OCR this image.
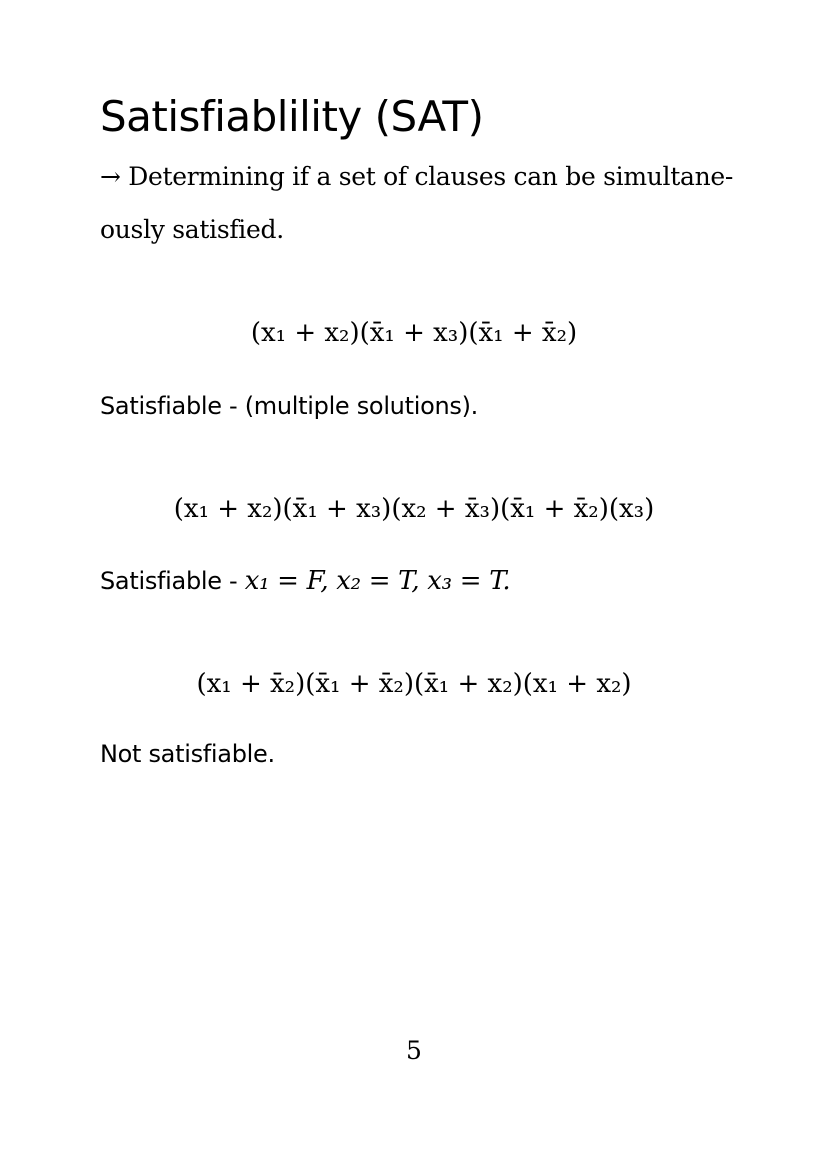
Satisfiablility (SAT)
→ Determining if a set of clauses can be simultane-
ously satisfied.
(x₁ + x₂)(x̄₁ + x₃)(x̄₁ + x̄₂)
Satisfiable - (multiple solutions).
(x₁ + x₂)(x̄₁ + x₃)(x₂ + x̄₃)(x̄₁ + x̄₂)(x₃)
Satisfiable - x₁ = F, x₂ = T, x₃ = T.
(x₁ + x̄₂)(x̄₁ + x̄₂)(x̄₁ + x₂)(x₁ + x₂)
Not satisfiable.
5
